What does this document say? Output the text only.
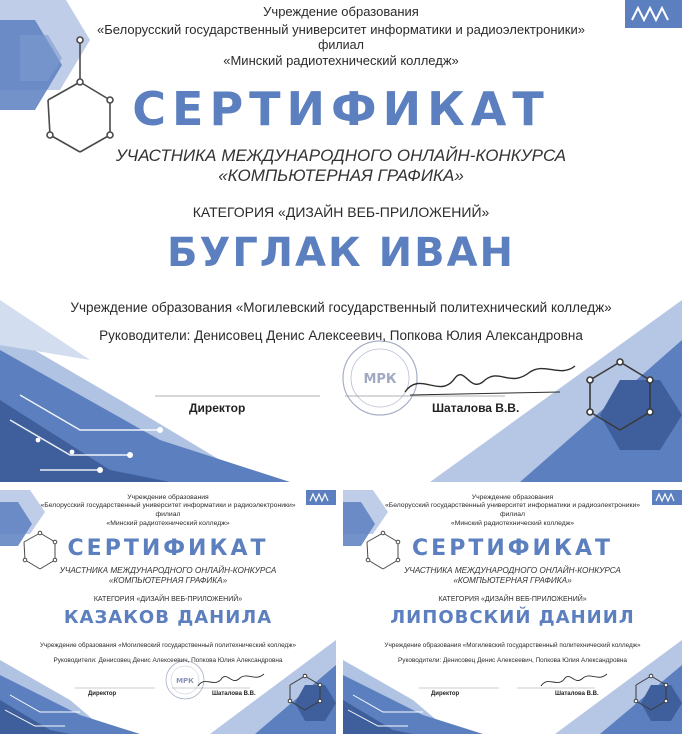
МРК
Учреждение образования
«Белорусский государственный университет информатики и радиоэлектроники»
филиал
«Минский радиотехнический колледж»
СЕРТИФИКАТ
УЧАСТНИКА МЕЖДУНАРОДНОГО ОНЛАЙН-КОНКУРСА
«КОМПЬЮТЕРНАЯ ГРАФИКА»
КАТЕГОРИЯ «ДИЗАЙН ВЕБ-ПРИЛОЖЕНИЙ»
БУГЛАК ИВАН
Учреждение образования «Могилевский государственный политехнический колледж»
Руководители: Денисовец Денис Алексеевич, Попкова Юлия Александровна
Директор	Шаталова В.В.
МРК
Учреждение образования
«Белорусский государственный университет информатики и радиоэлектроники»
филиал
«Минский радиотехнический колледж»
СЕРТИФИКАТ
УЧАСТНИКА МЕЖДУНАРОДНОГО ОНЛАЙН-КОНКУРСА
«КОМПЬЮТЕРНАЯ ГРАФИКА»
КАТЕГОРИЯ «ДИЗАЙН ВЕБ-ПРИЛОЖЕНИЙ»
КАЗАКОВ ДАНИЛА
Учреждение образования «Могилевский государственный политехнический колледж»
Руководители: Денисовец Денис Алексеевич, Попкова Юлия Александровна
Директор	Шаталова В.В.
Учреждение образования
«Белорусский государственный университет информатики и радиоэлектроники»
филиал
«Минский радиотехнический колледж»
СЕРТИФИКАТ
УЧАСТНИКА МЕЖДУНАРОДНОГО ОНЛАЙН-КОНКУРСА
«КОМПЬЮТЕРНАЯ ГРАФИКА»
КАТЕГОРИЯ «ДИЗАЙН ВЕБ-ПРИЛОЖЕНИЙ»
ЛИПОВСКИЙ ДАНИИЛ
Учреждение образования «Могилевский государственный политехнический колледж»
Руководители: Денисовец Денис Алексеевич, Попкова Юлия Александровна
Директор	Шаталова В.В.
